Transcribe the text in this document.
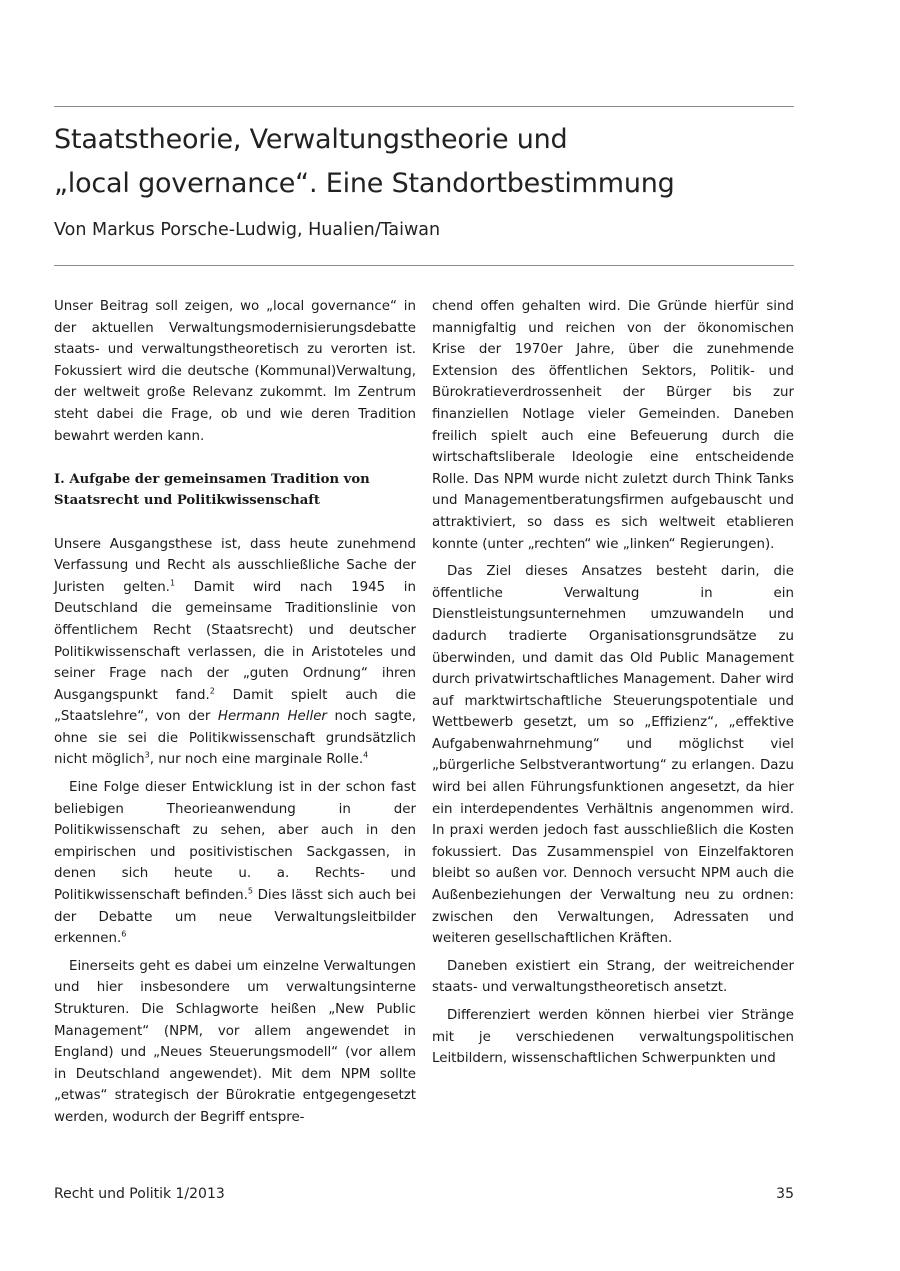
Staatstheorie, Verwaltungstheorie und
„local governance“. Eine Standortbestimmung

Von Markus Porsche-Ludwig, Hualien/Taiwan

Unser Beitrag soll zeigen, wo „local governance“ in der aktuellen Verwaltungsmodernisierungsdebatte staats- und verwaltungstheoretisch zu verorten ist. Fokussiert wird die deutsche (Kommunal)Verwaltung, der weltweit große Relevanz zukommt. Im Zentrum steht dabei die Frage, ob und wie deren Tradition bewahrt werden kann.

I. Aufgabe der gemeinsamen Tradition von
Staatsrecht und Politikwissenschaft

Unsere Ausgangsthese ist, dass heute zunehmend Verfassung und Recht als ausschließliche Sache der Juristen gelten.$^1$ Damit wird nach 1945 in Deutschland die gemeinsame Traditionslinie von öffentlichem Recht (Staatsrecht) und deutscher Politikwissenschaft verlassen, die in Aristoteles und seiner Frage nach der „guten Ordnung“ ihren Ausgangspunkt fand.$^2$ Damit spielt auch die „Staatslehre“, von der Hermann Heller noch sagte, ohne sie sei die Politikwissenschaft grundsätzlich nicht möglich$^3$, nur noch eine marginale Rolle.$^4$

Eine Folge dieser Entwicklung ist in der schon fast beliebigen Theorieanwendung in der Politikwissenschaft zu sehen, aber auch in den empirischen und positivistischen Sackgassen, in denen sich heute u. a. Rechts- und Politikwissenschaft befinden.$^5$ Dies lässt sich auch bei der Debatte um neue Verwaltungsleitbilder erkennen.$^6$

Einerseits geht es dabei um einzelne Verwaltungen und hier insbesondere um verwaltungsinterne Strukturen. Die Schlagworte heißen „New Public Management“ (NPM, vor allem angewendet in England) und „Neues Steuerungsmodell“ (vor allem in Deutschland angewendet). Mit dem NPM sollte „etwas“ strategisch der Bürokratie entgegengesetzt werden, wodurch der Begriff entspre-

chend offen gehalten wird. Die Gründe hierfür sind mannigfaltig und reichen von der ökonomischen Krise der 1970er Jahre, über die zunehmende Extension des öffentlichen Sektors, Politik- und Bürokratieverdrossenheit der Bürger bis zur finanziellen Notlage vieler Gemeinden. Daneben freilich spielt auch eine Befeuerung durch die wirtschaftsliberale Ideologie eine entscheidende Rolle. Das NPM wurde nicht zuletzt durch Think Tanks und Managementberatungsfirmen aufgebauscht und attraktiviert, so dass es sich weltweit etablieren konnte (unter „rechten“ wie „linken“ Regierungen).

Das Ziel dieses Ansatzes besteht darin, die öffentliche Verwaltung in ein Dienstleistungsunternehmen umzuwandeln und dadurch tradierte Organisationsgrundsätze zu überwinden, und damit das Old Public Management durch privatwirtschaftliches Management. Daher wird auf marktwirtschaftliche Steuerungspotentiale und Wettbewerb gesetzt, um so „Effizienz“, „effektive Aufgabenwahrnehmung“ und möglichst viel „bürgerliche Selbstverantwortung“ zu erlangen. Dazu wird bei allen Führungsfunktionen angesetzt, da hier ein interdependentes Verhältnis angenommen wird. In praxi werden jedoch fast ausschließlich die Kosten fokussiert. Das Zusammenspiel von Einzelfaktoren bleibt so außen vor. Dennoch versucht NPM auch die Außenbeziehungen der Verwaltung neu zu ordnen: zwischen den Verwaltungen, Adressaten und weiteren gesellschaftlichen Kräften.

Daneben existiert ein Strang, der weitreichender staats- und verwaltungstheoretisch ansetzt.

Differenziert werden können hierbei vier Stränge mit je verschiedenen verwaltungspolitischen Leitbildern, wissenschaftlichen Schwerpunkten und

Recht und Politik 1/2013	35
